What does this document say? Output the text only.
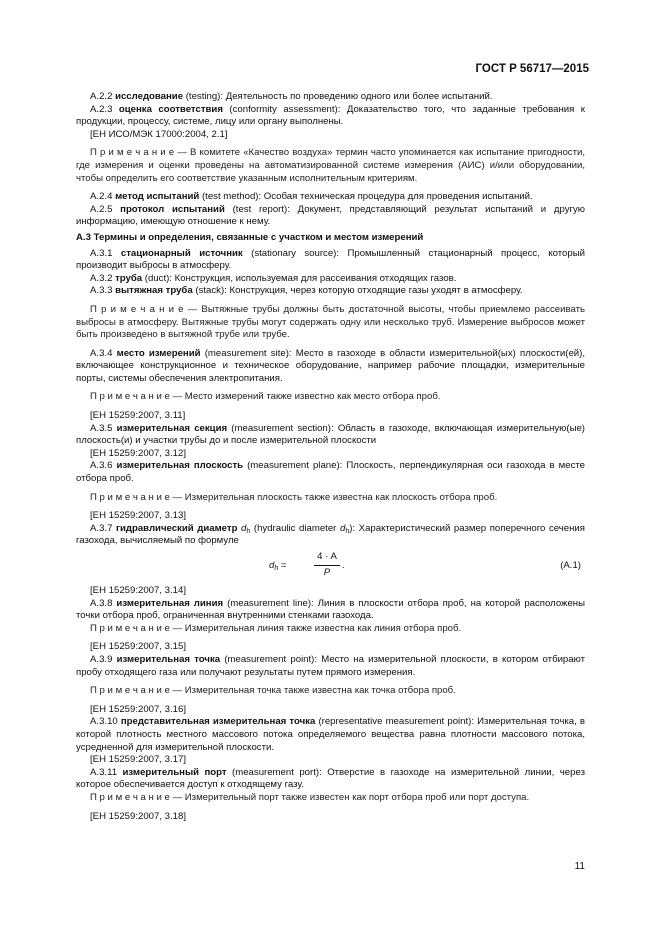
ГОСТ Р 56717—2015

А.2.2 исследование (testing): Деятельность по проведению одного или более испытаний.

А.2.3 оценка соответствия (conformity assessment): Доказательство того, что заданные требования к продукции, процессу, системе, лицу или органу выполнены.

[ЕН ИСО/МЭК 17000:2004, 2.1]

П р и м е ч а н и е — В комитете «Качество воздуха» термин часто упоминается как испытание пригодности, где измерения и оценки проведены на автоматизированной системе измерения (АИС) и/или оборудовании, чтобы определить его соответствие указанным исполнительным критериям.

А.2.4 метод испытаний (test method): Особая техническая процедура для проведения испытаний.

А.2.5 протокол испытаний (test report): Документ, представляющий результат испытаний и другую информацию, имеющую отношение к нему.

А.3 Термины и определения, связанные с участком и местом измерений

А.3.1 стационарный источник (stationary source): Промышленный стационарный процесс, который производит выбросы в атмосферу.

А.3.2 труба (duct): Конструкция, используемая для рассеивания отходящих газов.

А.3.3 вытяжная труба (stack): Конструкция, через которую отходящие газы уходят в атмосферу.

П р и м е ч а н и е — Вытяжные трубы должны быть достаточной высоты, чтобы приемлемо рассеивать выбросы в атмосферу. Вытяжные трубы могут содержать одну или несколько труб. Измерение выбросов может быть произведено в вытяжной трубе или трубе.

А.3.4 место измерений (measurement site): Место в газоходе в области измерительной(ых) плоскости(ей), включающее конструкционное и техническое оборудование, например рабочие площадки, измерительные порты, системы обеспечения электропитания.

П р и м е ч а н и е — Место измерений также известно как место отбора проб.

[ЕН 15259:2007, 3.11]

А.3.5 измерительная секция (measurement section): Область в газоходе, включающая измерительную(ые) плоскость(и) и участки трубы до и после измерительной плоскости

[ЕН 15259:2007, 3.12]

А.3.6 измерительная плоскость (measurement plane): Плоскость, перпендикулярная оси газохода в месте отбора проб.

П р и м е ч а н и е — Измерительная плоскость также известна как плоскость отбора проб.

[ЕН 15259:2007, 3.13]

А.3.7 гидравлический диаметр $d_h$ (hydraulic diameter $d_h$): Характеристический размер поперечного сечения газохода, вычисляемый по формуле

$d_h$ =
4 · A
P
.	(А.1)

[ЕН 15259:2007, 3.14]

А.3.8 измерительная линия (measurement line): Линия в плоскости отбора проб, на которой расположены точки отбора проб, ограниченная внутренними стенками газохода.

П р и м е ч а н и е — Измерительная линия также известна как линия отбора проб.

[ЕН 15259:2007, 3.15]

А.3.9 измерительная точка (measurement point): Место на измерительной плоскости, в котором отбирают пробу отходящего газа или получают результаты путем прямого измерения.

П р и м е ч а н и е — Измерительная точка также известна как точка отбора проб.

[ЕН 15259:2007, 3.16]

А.3.10 представительная измерительная точка (representative measurement point): Измерительная точка, в которой плотность местного массового потока определяемого вещества равна плотности массового потока, усредненной для измерительной плоскости.

[ЕН 15259:2007, 3.17]

А.3.11 измерительный порт (measurement port): Отверстие в газоходе на измерительной линии, через которое обеспечивается доступ к отходящему газу.

П р и м е ч а н и е — Измерительный порт также известен как порт отбора проб или порт доступа.

[ЕН 15259:2007, 3.18]

11
